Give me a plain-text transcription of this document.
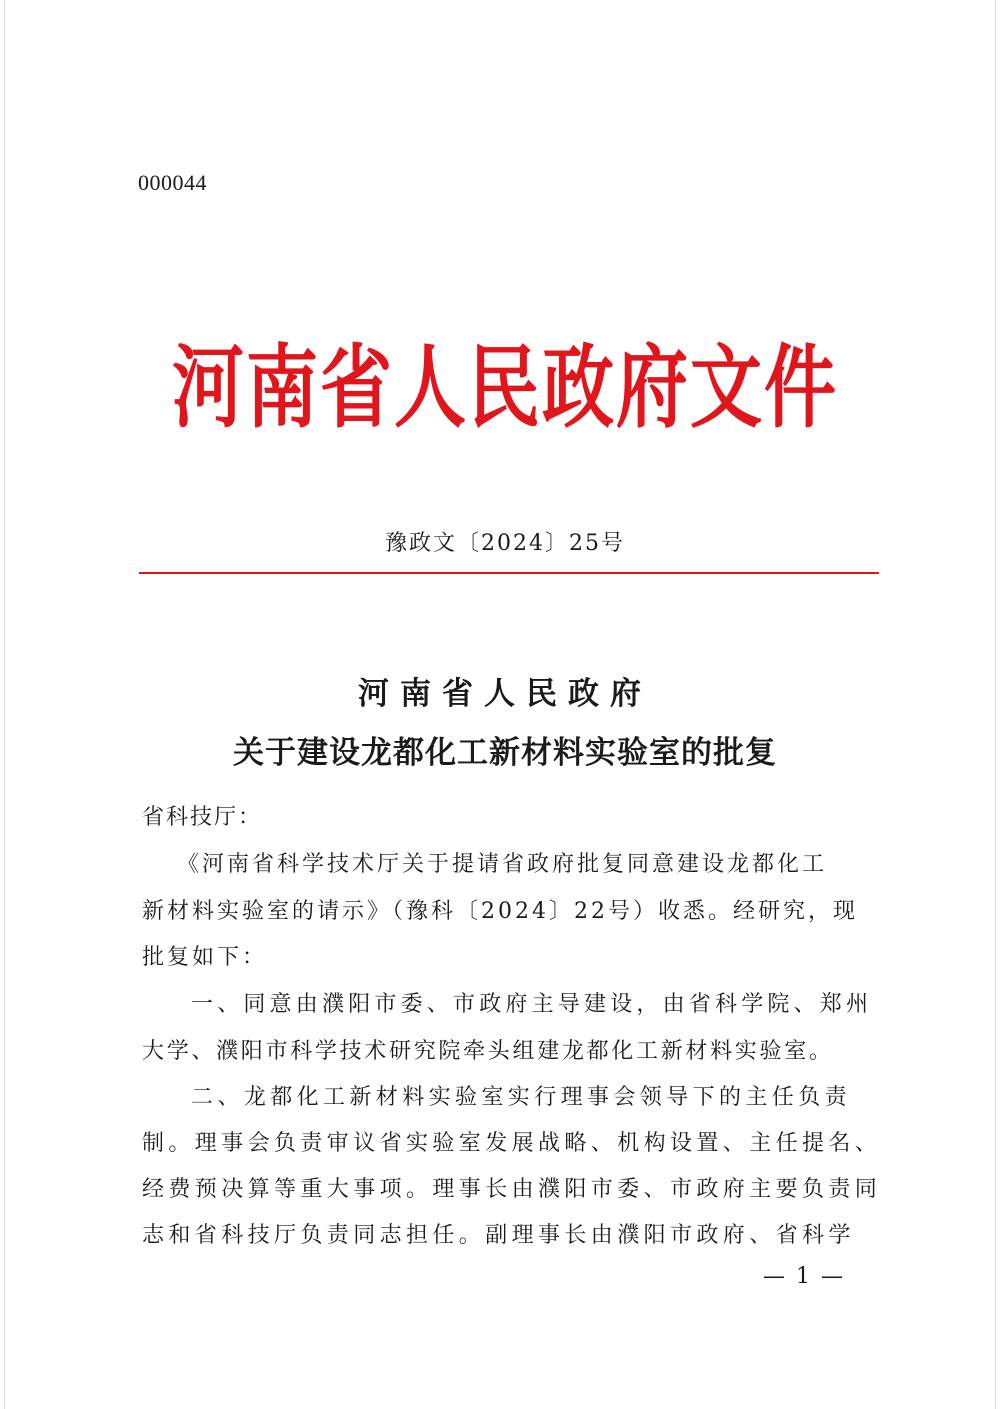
000044
河南省人民政府文件
豫政文〔2024〕25号
河南省人民政府
关于建设龙都化工新材料实验室的批复
省科技厅：
《河南省科学技术厅关于提请省政府批复同意建设龙都化工
新材料实验室的请示》（豫科〔2024〕22号）收悉。经研究，现
批复如下：
一、同意由濮阳市委、市政府主导建设，由省科学院、郑州
大学、濮阳市科学技术研究院牵头组建龙都化工新材料实验室。
二、龙都化工新材料实验室实行理事会领导下的主任负责
制。理事会负责审议省实验室发展战略、机构设置、主任提名、
经费预决算等重大事项。理事长由濮阳市委、市政府主要负责同
志和省科技厅负责同志担任。副理事长由濮阳市政府、省科学
— 1 —
